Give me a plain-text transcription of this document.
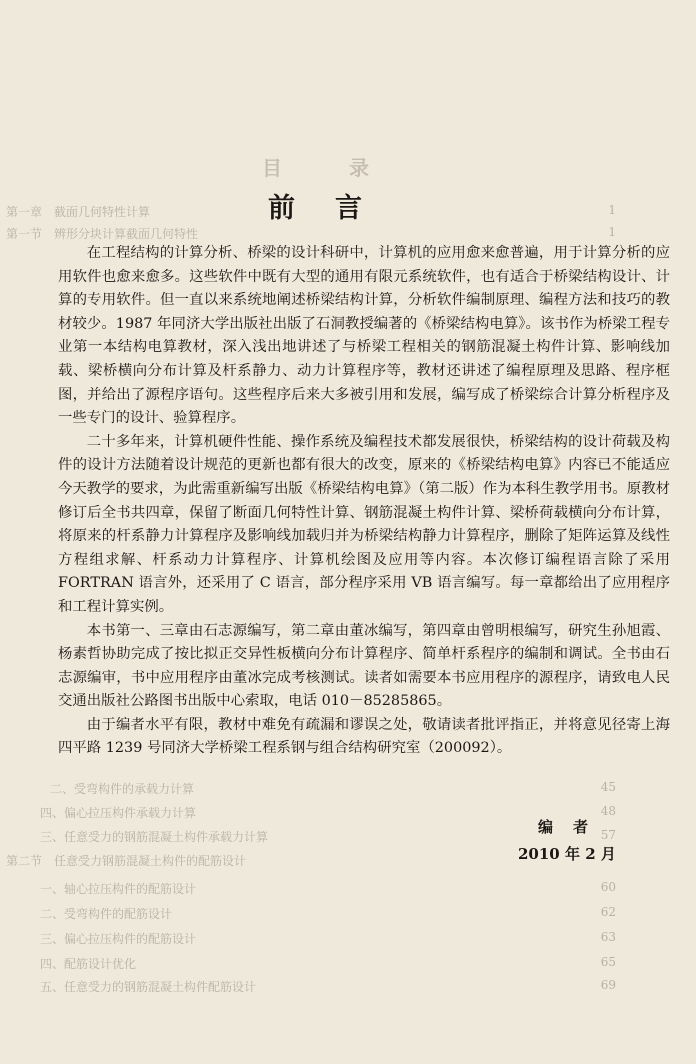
目 录
第一章　截面几何特性计算	1
第一节　辨形分块计算截面几何特性	1
二、受弯构件的承载力计算	45
四、偏心拉压构件承载力计算	48
三、任意受力的钢筋混凝土构件承载力计算	57
第二节　任意受力钢筋混凝土构件的配筋设计
一、轴心拉压构件的配筋设计	60
二、受弯构件的配筋设计	62
三、偏心拉压构件的配筋设计	63
四、配筋设计优化	65
五、任意受力的钢筋混凝土构件配筋设计	69
前言

在工程结构的计算分析、桥梁的设计科研中，计算机的应用愈来愈普遍，用于计算分析的应用软件也愈来愈多。这些软件中既有大型的通用有限元系统软件，也有适合于桥梁结构设计、计算的专用软件。但一直以来系统地阐述桥梁结构计算，分析软件编制原理、编程方法和技巧的教材较少。1987 年同济大学出版社出版了石洞教授编著的《桥梁结构电算》。该书作为桥梁工程专业第一本结构电算教材，深入浅出地讲述了与桥梁工程相关的钢筋混凝土构件计算、影响线加载、梁桥横向分布计算及杆系静力、动力计算程序等，教材还讲述了编程原理及思路、程序框图，并给出了源程序语句。这些程序后来大多被引用和发展，编写成了桥梁综合计算分析程序及一些专门的设计、验算程序。

二十多年来，计算机硬件性能、操作系统及编程技术都发展很快，桥梁结构的设计荷载及构件的设计方法随着设计规范的更新也都有很大的改变，原来的《桥梁结构电算》内容已不能适应今天教学的要求，为此需重新编写出版《桥梁结构电算》（第二版）作为本科生教学用书。原教材修订后全书共四章，保留了断面几何特性计算、钢筋混凝土构件计算、梁桥荷载横向分布计算，将原来的杆系静力计算程序及影响线加载归并为桥梁结构静力计算程序，删除了矩阵运算及线性方程组求解、杆系动力计算程序、计算机绘图及应用等内容。本次修订编程语言除了采用 FORTRAN 语言外，还采用了 C 语言，部分程序采用 VB 语言编写。每一章都给出了应用程序和工程计算实例。

本书第一、三章由石志源编写，第二章由董冰编写，第四章由曾明根编写，研究生孙旭霞、杨素哲协助完成了按比拟正交异性板横向分布计算程序、简单杆系程序的编制和调试。全书由石志源编审，书中应用程序由董冰完成考核测试。读者如需要本书应用程序的源程序，请致电人民交通出版社公路图书出版中心索取，电话 010－85285865。

由于编者水平有限，教材中难免有疏漏和谬误之处，敬请读者批评指正，并将意见径寄上海四平路 1239 号同济大学桥梁工程系钢与组合结构研究室（200092）。

编者
2010 年 2 月
